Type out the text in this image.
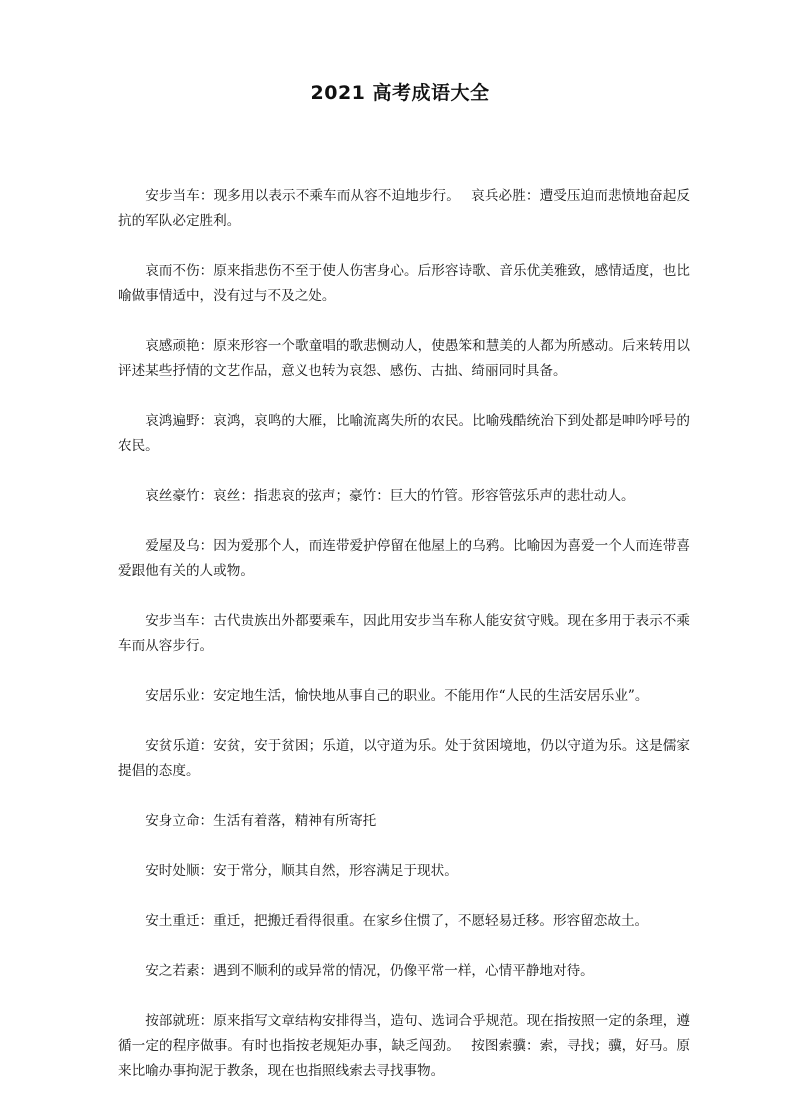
2021 高考成语大全

安步当车：现多用以表示不乘车而从容不迫地步行。　 哀兵必胜：遭受压迫而悲愤地奋起反抗的军队必定胜利。

哀而不伤：原来指悲伤不至于使人伤害身心。后形容诗歌、音乐优美雅致，感情适度，也比喻做事情适中，没有过与不及之处。

哀感顽艳：原来形容一个歌童唱的歌悲恻动人，使愚笨和慧美的人都为所感动。后来转用以评述某些抒情的文艺作品，意义也转为哀怨、感伤、古拙、绮丽同时具备。

哀鸿遍野：哀鸿，哀鸣的大雁，比喻流离失所的农民。比喻残酷统治下到处都是呻吟呼号的农民。

哀丝豪竹：哀丝：指悲哀的弦声；豪竹：巨大的竹管。形容管弦乐声的悲壮动人。

爱屋及乌：因为爱那个人，而连带爱护停留在他屋上的乌鸦。比喻因为喜爱一个人而连带喜爱跟他有关的人或物。

安步当车：古代贵族出外都要乘车，因此用安步当车称人能安贫守贱。现在多用于表示不乘车而从容步行。

安居乐业：安定地生活，愉快地从事自己的职业。不能用作“人民的生活安居乐业”。

安贫乐道：安贫，安于贫困；乐道，以守道为乐。处于贫困境地，仍以守道为乐。这是儒家提倡的态度。

安身立命：生活有着落，精神有所寄托

安时处顺：安于常分，顺其自然，形容满足于现状。

安土重迁：重迁，把搬迁看得很重。在家乡住惯了，不愿轻易迁移。形容留恋故土。

安之若素：遇到不顺利的或异常的情况，仍像平常一样，心情平静地对待。

按部就班：原来指写文章结构安排得当，造句、选词合乎规范。现在指按照一定的条理，遵循一定的程序做事。有时也指按老规矩办事，缺乏闯劲。　 按图索骥：索，寻找；骥，好马。原来比喻办事拘泥于教条，现在也指照线索去寻找事物。
